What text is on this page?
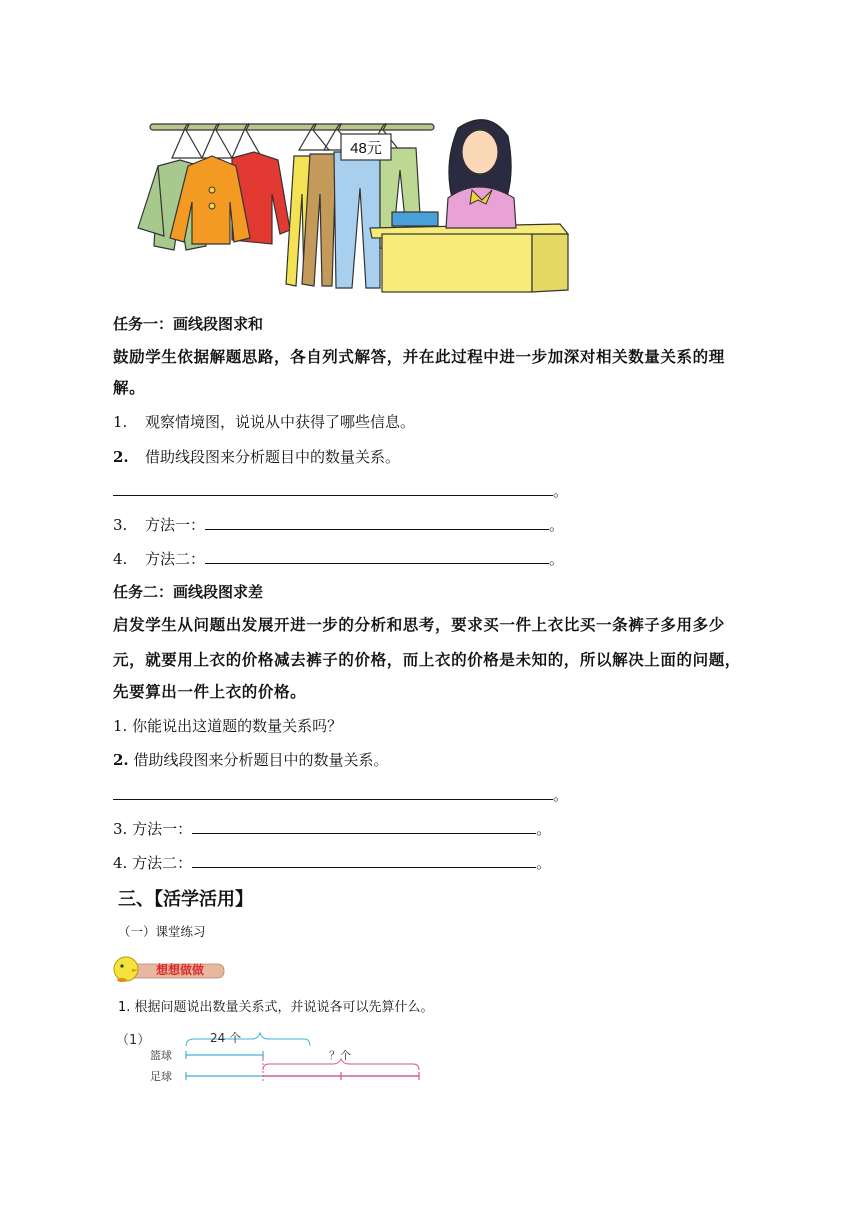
48元
任务一：画线段图求和
鼓励学生依据解题思路，各自列式解答，并在此过程中进一步加深对相关数量关系的理
解。
1. 观察情境图，说说从中获得了哪些信息。
2. 借助线段图来分析题目中的数量关系。
。
3. 方法一：	。
4. 方法二：	。
任务二：画线段图求差
启发学生从问题出发展开进一步的分析和思考，要求买一件上衣比买一条裤子多用多少
元，就要用上衣的价格减去裤子的价格，而上衣的价格是未知的，所以解决上面的问题，
先要算出一件上衣的价格。
1. 你能说出这道题的数量关系吗？
2. 借助线段图来分析题目中的数量关系。
。
3. 方法一：	。
4. 方法二：	。
三、【活学活用】
（一）课堂练习
想想做做
1. 根据问题说出数量关系式，并说说各可以先算什么。
（1）	24 个
？个
篮球
足球
